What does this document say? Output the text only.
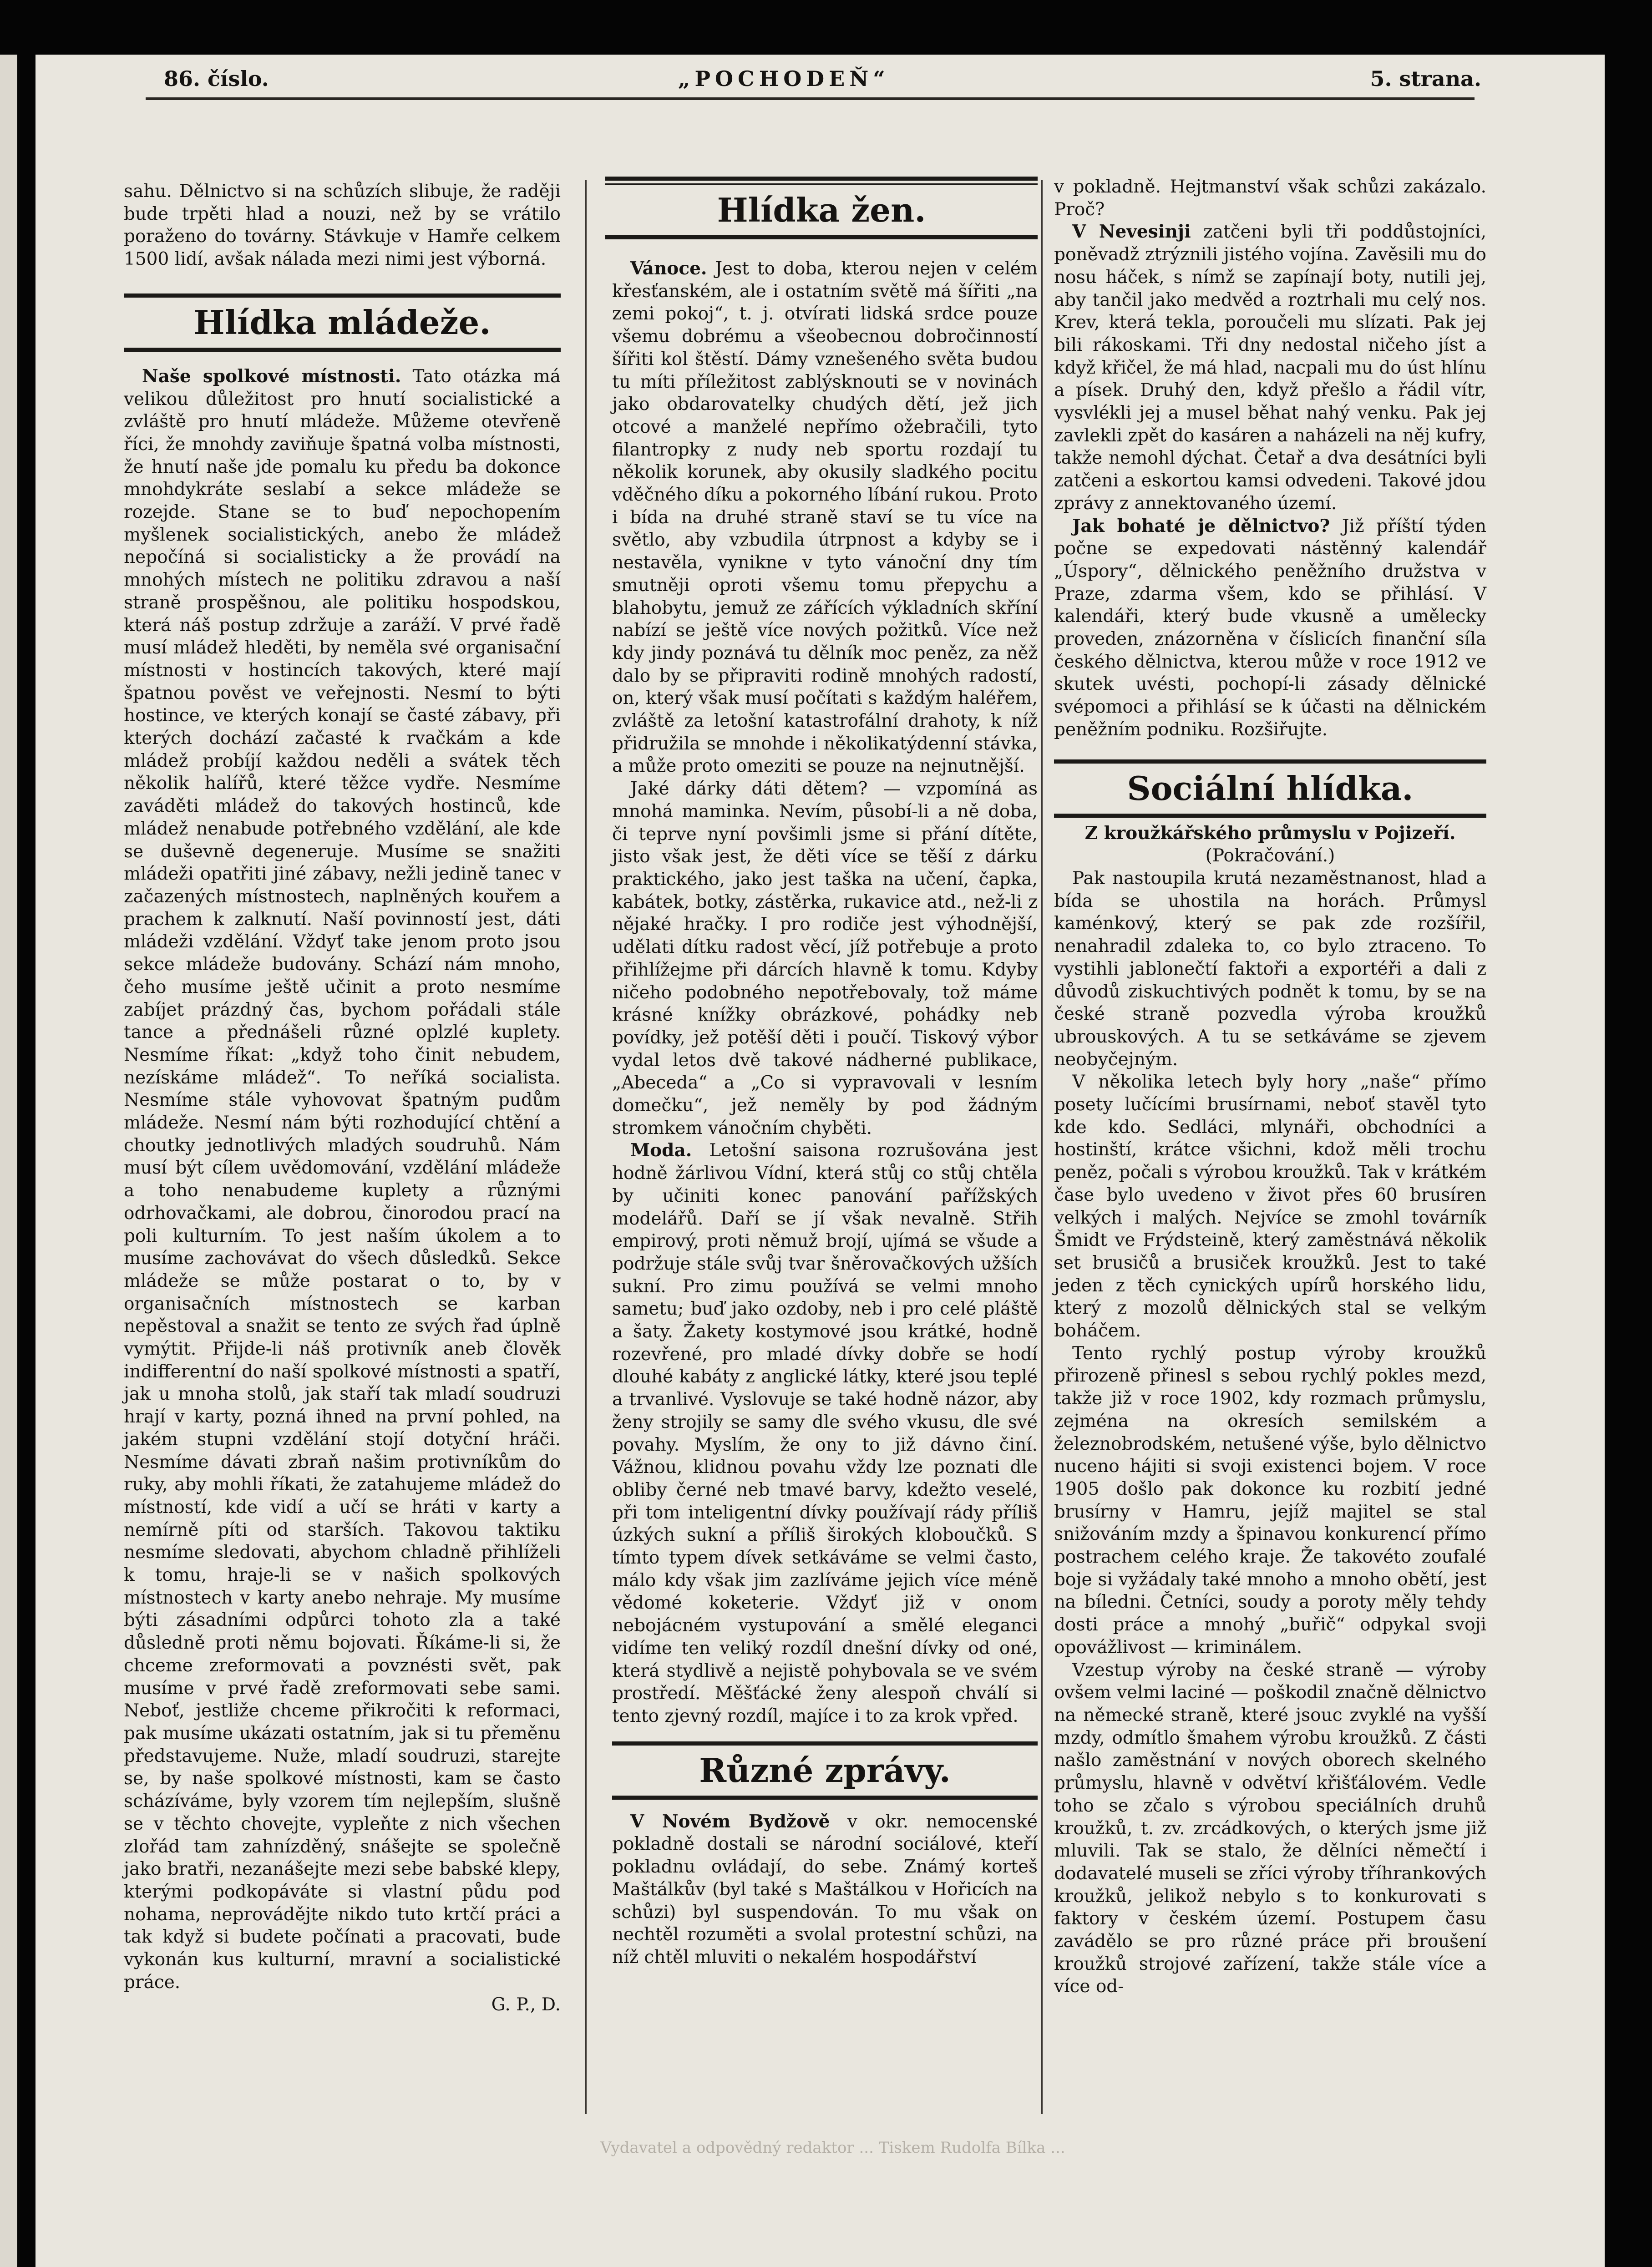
86. číslo.	„POCHODEŇ“	5. strana.

sahu. Dělnictvo si na schůzích slibuje, že raději bude trpěti hlad a nouzi, než by se vrátilo poraženo do továrny. Stávkuje v Hamře celkem 1500 lidí, avšak nálada mezi nimi jest výborná.

Hlídka mládeže.

Naše spolkové místnosti. Tato otázka má velikou důležitost pro hnutí socialistické a zvláště pro hnutí mládeže. Můžeme otevřeně říci, že mnohdy zaviňuje špatná volba místnosti, že hnutí naše jde pomalu ku předu ba dokonce mnohdykráte seslabí a sekce mládeže se rozejde. Stane se to buď nepochopením myšlenek socialistických, anebo že mládež nepočíná si socialisticky a že provádí na mnohých místech ne politiku zdravou a naší straně prospěšnou, ale politiku hospodskou, která náš postup zdržuje a zaráží. V prvé řadě musí mládež hleděti, by neměla své organisační místnosti v hostincích takových, které mají špatnou pověst ve veřejnosti. Nesmí to býti hostince, ve kterých konají se časté zábavy, při kterých dochází začasté k rvačkám a kde mládež probíjí každou neděli a svátek těch několik halířů, které těžce vydře. Nesmíme zaváděti mládež do takových hostinců, kde mládež nenabude potřebného vzdělání, ale kde se duševně degeneruje. Musíme se snažiti mládeži opatřiti jiné zábavy, nežli jedině tanec v začazených místnostech, naplněných kouřem a prachem k zalknutí. Naší povinností jest, dáti mládeži vzdělání. Vždyť take jenom proto jsou sekce mládeže budovány. Schází nám mnoho, čeho musíme ještě učinit a proto nesmíme zabíjet prázdný čas, bychom pořádali stále tance a přednášeli různé oplzlé kuplety. Nesmíme říkat: „když toho činit nebudem, nezískáme mládež“. To neříká socialista. Nesmíme stále vyhovovat špatným pudům mládeže. Nesmí nám býti rozhodující chtění a choutky jednotlivých mladých soudruhů. Nám musí být cílem uvědomování, vzdělání mládeže a toho nenabudeme kuplety a různými odrhovačkami, ale dobrou, činorodou prací na poli kulturním. To jest naším úkolem a to musíme zachovávat do všech důsledků. Sekce mládeže se může postarat o to, by v organisačních místnostech se karban nepěstoval a snažit se tento ze svých řad úplně vymýtit. Přijde-li náš protivník aneb člověk indifferentní do naší spolkové místnosti a spatří, jak u mnoha stolů, jak staří tak mladí soudruzi hrají v karty, pozná ihned na první pohled, na jakém stupni vzdělání stojí dotyční hráči. Nesmíme dávati zbraň našim protivníkům do ruky, aby mohli říkati, že zatahujeme mládež do místností, kde vidí a učí se hráti v karty a nemírně píti od starších. Takovou taktiku nesmíme sledovati, abychom chladně přihlíželi k tomu, hraje-li se v našich spolkových místnostech v karty anebo nehraje. My musíme býti zásadními odpůrci tohoto zla a také důsledně proti němu bojovati. Říkáme-li si, že chceme zreformovati a povznésti svět, pak musíme v prvé řadě zreformovati sebe sami. Neboť, jestliže chceme přikročiti k reformaci, pak musíme ukázati ostatním, jak si tu přeměnu představujeme. Nuže, mladí soudruzi, starejte se, by naše spolkové místnosti, kam se často scházíváme, byly vzorem tím nejlepším, slušně se v těchto chovejte, vypleňte z nich všechen zlořád tam zahnízděný, snášejte se společně jako bratři, nezanášejte mezi sebe babské klepy, kterými podkopáváte si vlastní půdu pod nohama, neprovádějte nikdo tuto krtčí práci a tak když si budete počínati a pracovati, bude vykonán kus kulturní, mravní a socialistické práce.

G. P., D.
Hlídka žen.

Vánoce. Jest to doba, kterou nejen v celém křesťanském, ale i ostatním světě má šířiti „na zemi pokoj“, t. j. otvírati lidská srdce pouze všemu dobrému a všeobecnou dobročinností šířiti kol štěstí. Dámy vznešeného světa budou tu míti příležitost zablýsknouti se v novinách jako obdarovatelky chudých dětí, jež jich otcové a manželé nepřímo ožebračili, tyto filantropky z nudy neb sportu rozdají tu několik korunek, aby okusily sladkého pocitu vděčného díku a pokorného líbání rukou. Proto i bída na druhé straně staví se tu více na světlo, aby vzbudila útrpnost a kdyby se i nestavěla, vynikne v tyto vánoční dny tím smutněji oproti všemu tomu přepychu a blahobytu, jemuž ze zářících výkladních skříní nabízí se ještě více nových požitků. Více než kdy jindy poznává tu dělník moc peněz, za něž dalo by se připraviti rodině mnohých radostí, on, který však musí počítati s každým haléřem, zvláště za letošní katastrofální drahoty, k níž přidružila se mnohde i několikatýdenní stávka, a může proto omeziti se pouze na nejnutnější.

Jaké dárky dáti dětem? — vzpomíná as mnohá maminka. Nevím, působí-li a ně doba, či teprve nyní povšimli jsme si přání dítěte, jisto však jest, že děti více se těší z dárku praktického, jako jest taška na učení, čapka, kabátek, botky, zástěrka, rukavice atd., než-li z nějaké hračky. I pro rodiče jest výhodnější, udělati dítku radost věcí, jíž potřebuje a proto přihlížejme při dárcích hlavně k tomu. Kdyby ničeho podobného nepotřebovaly, tož máme krásné knížky obrázkové, pohádky neb povídky, jež potěší děti i poučí. Tiskový výbor vydal letos dvě takové nádherné publikace, „Abeceda“ a „Co si vypravovali v lesním domečku“, jež neměly by pod žádným stromkem vánočním chyběti.

Moda. Letošní saisona rozrušována jest hodně žárlivou Vídní, která stůj co stůj chtěla by učiniti konec panování pařížských modelářů. Daří se jí však nevalně. Střih empirový, proti němuž brojí, ujímá se všude a podržuje stále svůj tvar šněrovačkových užších sukní. Pro zimu používá se velmi mnoho sametu; buď jako ozdoby, neb i pro celé pláště a šaty. Žakety kostymové jsou krátké, hodně rozevřené, pro mladé dívky dobře se hodí dlouhé kabáty z anglické látky, které jsou teplé a trvanlivé. Vyslovuje se také hodně názor, aby ženy strojily se samy dle svého vkusu, dle své povahy. Myslím, že ony to již dávno činí. Vážnou, klidnou povahu vždy lze poznati dle obliby černé neb tmavé barvy, kdežto veselé, při tom inteligentní dívky používají rády příliš úzkých sukní a příliš širokých kloboučků. S tímto typem dívek setkáváme se velmi často, málo kdy však jim zazlíváme jejich více méně vědomé koketerie. Vždyť již v onom nebojácném vystupování a smělé eleganci vidíme ten veliký rozdíl dnešní dívky od oné, která stydlivě a nejistě pohybovala se ve svém prostředí. Měšťácké ženy alespoň chválí si tento zjevný rozdíl, majíce i to za krok vpřed.

Různé zprávy.

V Novém Bydžově v okr. nemocenské pokladně dostali se národní sociálové, kteří pokladnu ovládají, do sebe. Známý korteš Maštálkův (byl také s Maštálkou v Hořicích na schůzi) byl suspendován. To mu však on nechtěl rozuměti a svolal protestní schůzi, na níž chtěl mluviti o nekalém hospodářství

v pokladně. Hejtmanství však schůzi zakázalo. Proč?

V Nevesinji zatčeni byli tři poddůstojníci, poněvadž ztrýznili jistého vojína. Zavěsili mu do nosu háček, s nímž se zapínají boty, nutili jej, aby tančil jako medvěd a roztrhali mu celý nos. Krev, která tekla, poroučeli mu slízati. Pak jej bili rákoskami. Tři dny nedostal ničeho jíst a když křičel, že má hlad, nacpali mu do úst hlínu a písek. Druhý den, když přešlo a řádil vítr, vysvlékli jej a musel běhat nahý venku. Pak jej zavlekli zpět do kasáren a naházeli na něj kufry, takže nemohl dýchat. Četař a dva desátníci byli zatčeni a eskortou kamsi odvedeni. Takové jdou zprávy z annektovaného území.

Jak bohaté je dělnictvo? Již příští týden počne se expedovati nástěnný kalendář „Úspory“, dělnického peněžního družstva v Praze, zdarma všem, kdo se přihlásí. V kalendáři, který bude vkusně a umělecky proveden, znázorněna v číslicích finanční síla českého dělnictva, kterou může v roce 1912 ve skutek uvésti, pochopí-li zásady dělnické svépomoci a přihlásí se k účasti na dělnickém peněžním podniku. Rozšiřujte.

Sociální hlídka.
Z kroužkářského průmyslu v Pojizeří.
(Pokračování.)

Pak nastoupila krutá nezaměstnanost, hlad a bída se uhostila na horách. Průmysl kaménkový, který se pak zde rozšířil, nenahradil zdaleka to, co bylo ztraceno. To vystihli jablonečtí faktoři a exportéři a dali z důvodů ziskuchtivých podnět k tomu, by se na české straně pozvedla výroba kroužků ubrouskových. A tu se setkáváme se zjevem neobyčejným.

V několika letech byly hory „naše“ přímo posety lučícími brusírnami, neboť stavěl tyto kde kdo. Sedláci, mlynáři, obchodníci a hostinští, krátce všichni, kdož měli trochu peněz, počali s výrobou kroužků. Tak v krátkém čase bylo uvedeno v život přes 60 brusíren velkých i malých. Nejvíce se zmohl továrník Šmidt ve Frýdsteině, který zaměstnává několik set brusičů a brusiček kroužků. Jest to také jeden z těch cynických upírů horského lidu, který z mozolů dělnických stal se velkým boháčem.

Tento rychlý postup výroby kroužků přirozeně přinesl s sebou rychlý pokles mezd, takže již v roce 1902, kdy rozmach průmyslu, zejména na okresích semilském a železnobrodském, netušené výše, bylo dělnictvo nuceno hájiti si svoji existenci bojem. V roce 1905 došlo pak dokonce ku rozbití jedné brusírny v Hamru, jejíž majitel se stal snižováním mzdy a špinavou konkurencí přímo postrachem celého kraje. Že takovéto zoufalé boje si vyžádaly také mnoho a mnoho obětí, jest na bíledni. Četníci, soudy a poroty měly tehdy dosti práce a mnohý „buřič“ odpykal svoji opovážlivost — kriminálem.

Vzestup výroby na české straně — výroby ovšem velmi laciné — poškodil značně dělnictvo na německé straně, které jsouc zvyklé na vyšší mzdy, odmítlo šmahem výrobu kroužků. Z části našlo zaměstnání v nových oborech skelného průmyslu, hlavně v odvětví křišťálovém. Vedle toho se zčalo s výrobou speciálních druhů kroužků, t. zv. zrcádkových, o kterých jsme již mluvili. Tak se stalo, že dělníci němečtí i dodavatelé museli se zříci výroby tříhrankových kroužků, jelikož nebylo s to konkurovati s faktory v českém území. Postupem času zavádělo se pro různé práce při broušení kroužků strojové zařízení, takže stále více a více od-

Vydavatel a odpovědný redaktor ... Tiskem Rudolfa Bílka ...
